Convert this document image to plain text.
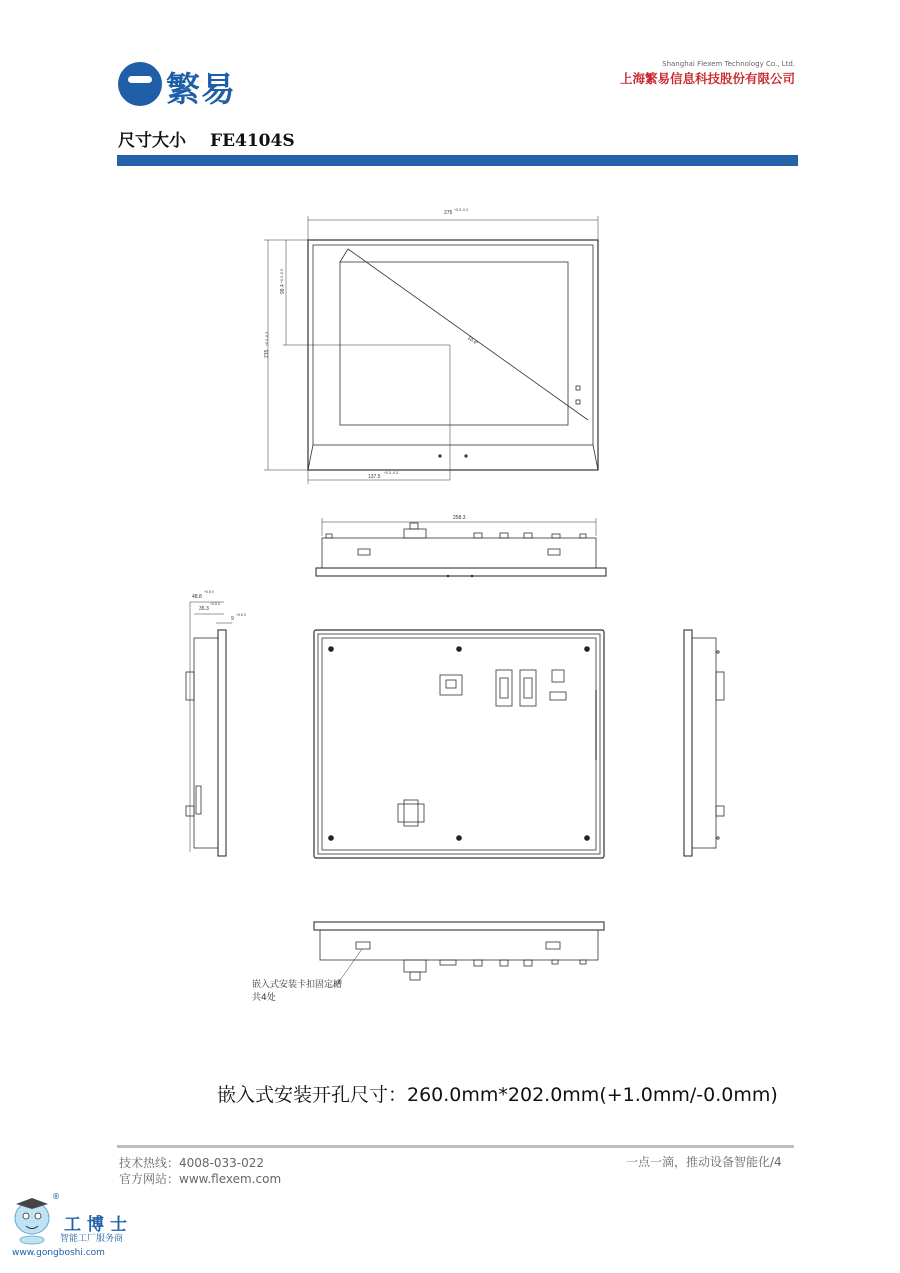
繁易
Shanghai Flexem Technology Co., Ltd.
上海繁易信息科技股份有限公司
尺寸大小 FE4104S
275 +0.3 -0.3
215
+0.3 -0.3
99.4
+0.3 -0.3
137.5
+0.3 -0.3
10.4"
258.3
48.8
+0.5 0
35.3
+0.5 0
9
+0.5 0
嵌入式安装卡扣固定槽
共4处
嵌入式安装开孔尺寸：260.0mm*202.0mm(+1.0mm/-0.0mm)
技术热线：4008-033-022
官方网站：www.flexem.com
一点一滴，推动设备智能化/4
®
工博士
智能工厂服务商
www.gongboshi.com
